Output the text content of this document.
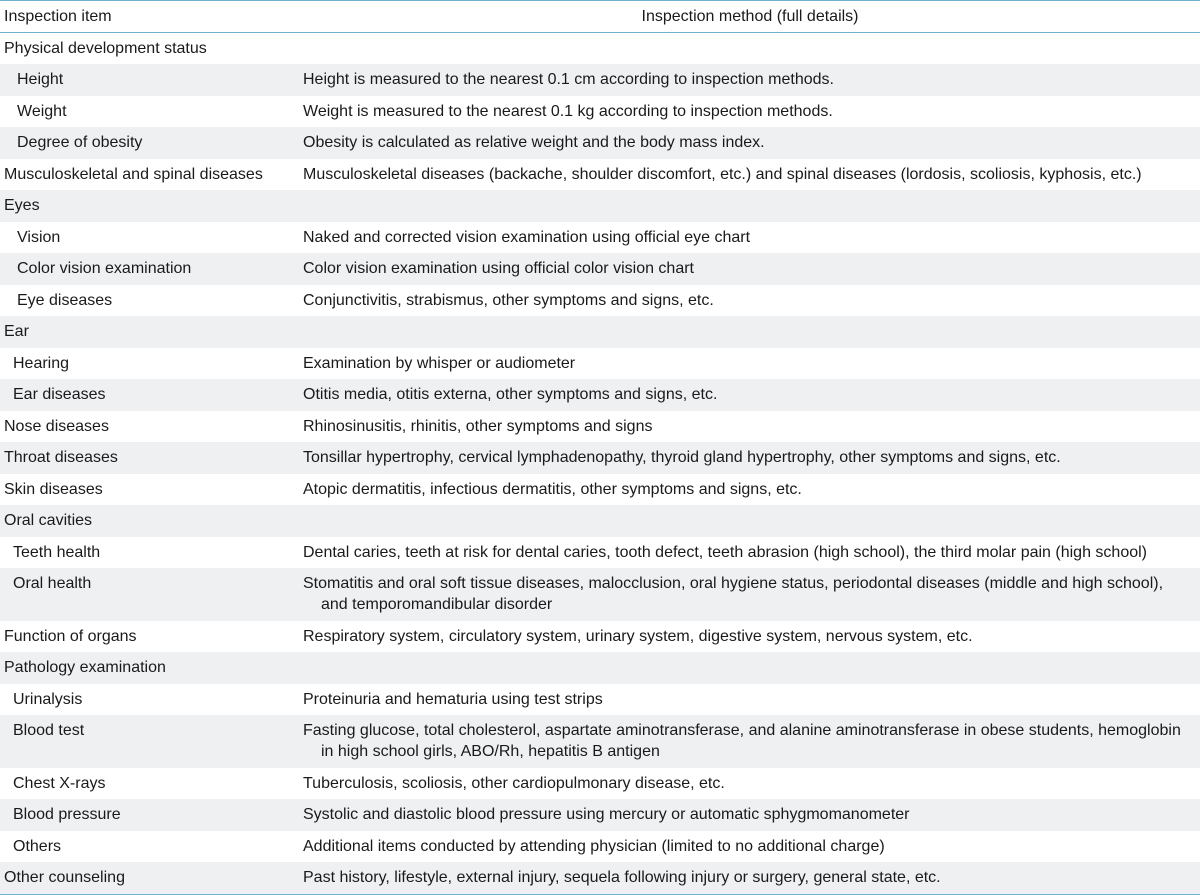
Inspection item	Inspection method (full details)
Physical development status	
Height	Height is measured to the nearest 0.1 cm according to inspection methods.
Weight	Weight is measured to the nearest 0.1 kg according to inspection methods.
Degree of obesity	Obesity is calculated as relative weight and the body mass index.
Musculoskeletal and spinal diseases	Musculoskeletal diseases (backache, shoulder discomfort, etc.) and spinal diseases (lordosis, scoliosis, kyphosis, etc.)
Eyes	
Vision	Naked and corrected vision examination using official eye chart
Color vision examination	Color vision examination using official color vision chart
Eye diseases	Conjunctivitis, strabismus, other symptoms and signs, etc.
Ear	
Hearing	Examination by whisper or audiometer
Ear diseases	Otitis media, otitis externa, other symptoms and signs, etc.
Nose diseases	Rhinosinusitis, rhinitis, other symptoms and signs
Throat diseases	Tonsillar hypertrophy, cervical lymphadenopathy, thyroid gland hypertrophy, other symptoms and signs, etc.
Skin diseases	Atopic dermatitis, infectious dermatitis, other symptoms and signs, etc.
Oral cavities	
Teeth health	Dental caries, teeth at risk for dental caries, tooth defect, teeth abrasion (high school), the third molar pain (high school)
Oral health	Stomatitis and oral soft tissue diseases, malocclusion, oral hygiene status, periodontal diseases (middle and high school),
and temporomandibular disorder

Function of organs	Respiratory system, circulatory system, urinary system, digestive system, nervous system, etc.
Pathology examination	
Urinalysis	Proteinuria and hematuria using test strips
Blood test	Fasting glucose, total cholesterol, aspartate aminotransferase, and alanine aminotransferase in obese students, hemoglobin
in high school girls, ABO/Rh, hepatitis B antigen

Chest X-rays	Tuberculosis, scoliosis, other cardiopulmonary disease, etc.
Blood pressure	Systolic and diastolic blood pressure using mercury or automatic sphygmomanometer
Others	Additional items conducted by attending physician (limited to no additional charge)
Other counseling	Past history, lifestyle, external injury, sequela following injury or surgery, general state, etc.
